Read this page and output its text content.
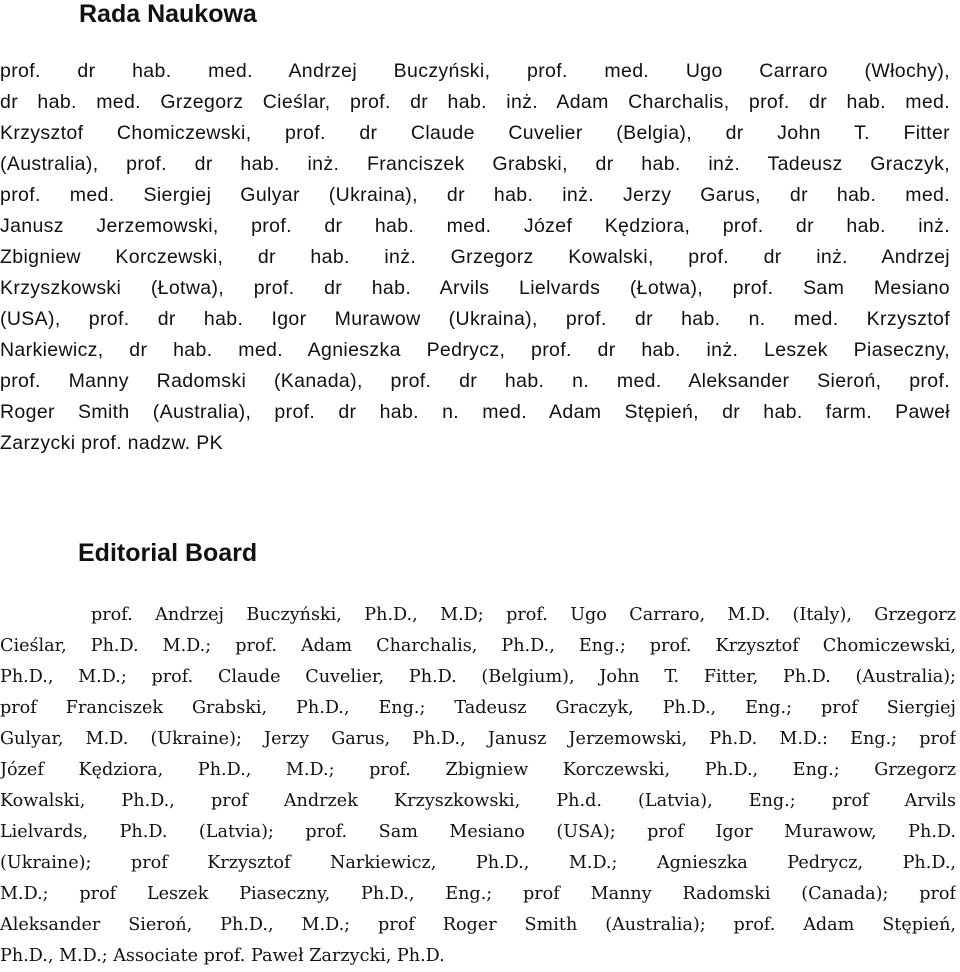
Rada Naukowa
prof. dr hab. med. Andrzej Buczyński, prof. med. Ugo Carraro (Włochy),
dr hab. med. Grzegorz Cieślar, prof. dr hab. inż. Adam Charchalis, prof. dr hab. med.
Krzysztof Chomiczewski, prof. dr Claude Cuvelier (Belgia), dr John T. Fitter
(Australia), prof. dr hab. inż. Franciszek Grabski, dr hab. inż. Tadeusz Graczyk,
prof. med. Siergiej Gulyar (Ukraina), dr hab. inż. Jerzy Garus, dr hab. med.
Janusz Jerzemowski, prof. dr hab. med. Józef Kędziora, prof. dr hab. inż.
Zbigniew Korczewski, dr hab. inż. Grzegorz Kowalski, prof. dr inż. Andrzej
Krzyszkowski (Łotwa), prof. dr hab. Arvils Lielvards (Łotwa), prof. Sam Mesiano
(USA), prof. dr hab. Igor Murawow (Ukraina), prof. dr hab. n. med. Krzysztof
Narkiewicz, dr hab. med. Agnieszka Pedrycz, prof. dr hab. inż. Leszek Piaseczny,
prof. Manny Radomski (Kanada), prof. dr hab. n. med. Aleksander Sieroń, prof.
Roger Smith (Australia), prof. dr hab. n. med. Adam Stępień, dr hab. farm. Paweł
Zarzycki prof. nadzw. PK
Editorial Board
prof. Andrzej Buczyński, Ph.D., M.D; prof. Ugo Carraro, M.D. (Italy), Grzegorz
Cieślar, Ph.D. M.D.; prof. Adam Charchalis, Ph.D., Eng.; prof. Krzysztof Chomiczewski,
Ph.D., M.D.; prof. Claude Cuvelier, Ph.D. (Belgium), John T. Fitter, Ph.D. (Australia);
prof Franciszek Grabski, Ph.D., Eng.; Tadeusz Graczyk, Ph.D., Eng.; prof Siergiej
Gulyar, M.D. (Ukraine); Jerzy Garus, Ph.D., Janusz Jerzemowski, Ph.D. M.D.: Eng.; prof
Józef Kędziora, Ph.D., M.D.; prof. Zbigniew Korczewski, Ph.D., Eng.; Grzegorz
Kowalski, Ph.D., prof Andrzek Krzyszkowski, Ph.d. (Latvia), Eng.; prof Arvils
Lielvards, Ph.D. (Latvia); prof. Sam Mesiano (USA); prof Igor Murawow, Ph.D.
(Ukraine); prof Krzysztof Narkiewicz, Ph.D., M.D.; Agnieszka Pedrycz, Ph.D.,
M.D.; prof Leszek Piaseczny, Ph.D., Eng.; prof Manny Radomski (Canada); prof
Aleksander Sieroń, Ph.D., M.D.; prof Roger Smith (Australia); prof. Adam Stępień,
Ph.D., M.D.; Associate prof. Paweł Zarzycki, Ph.D.
